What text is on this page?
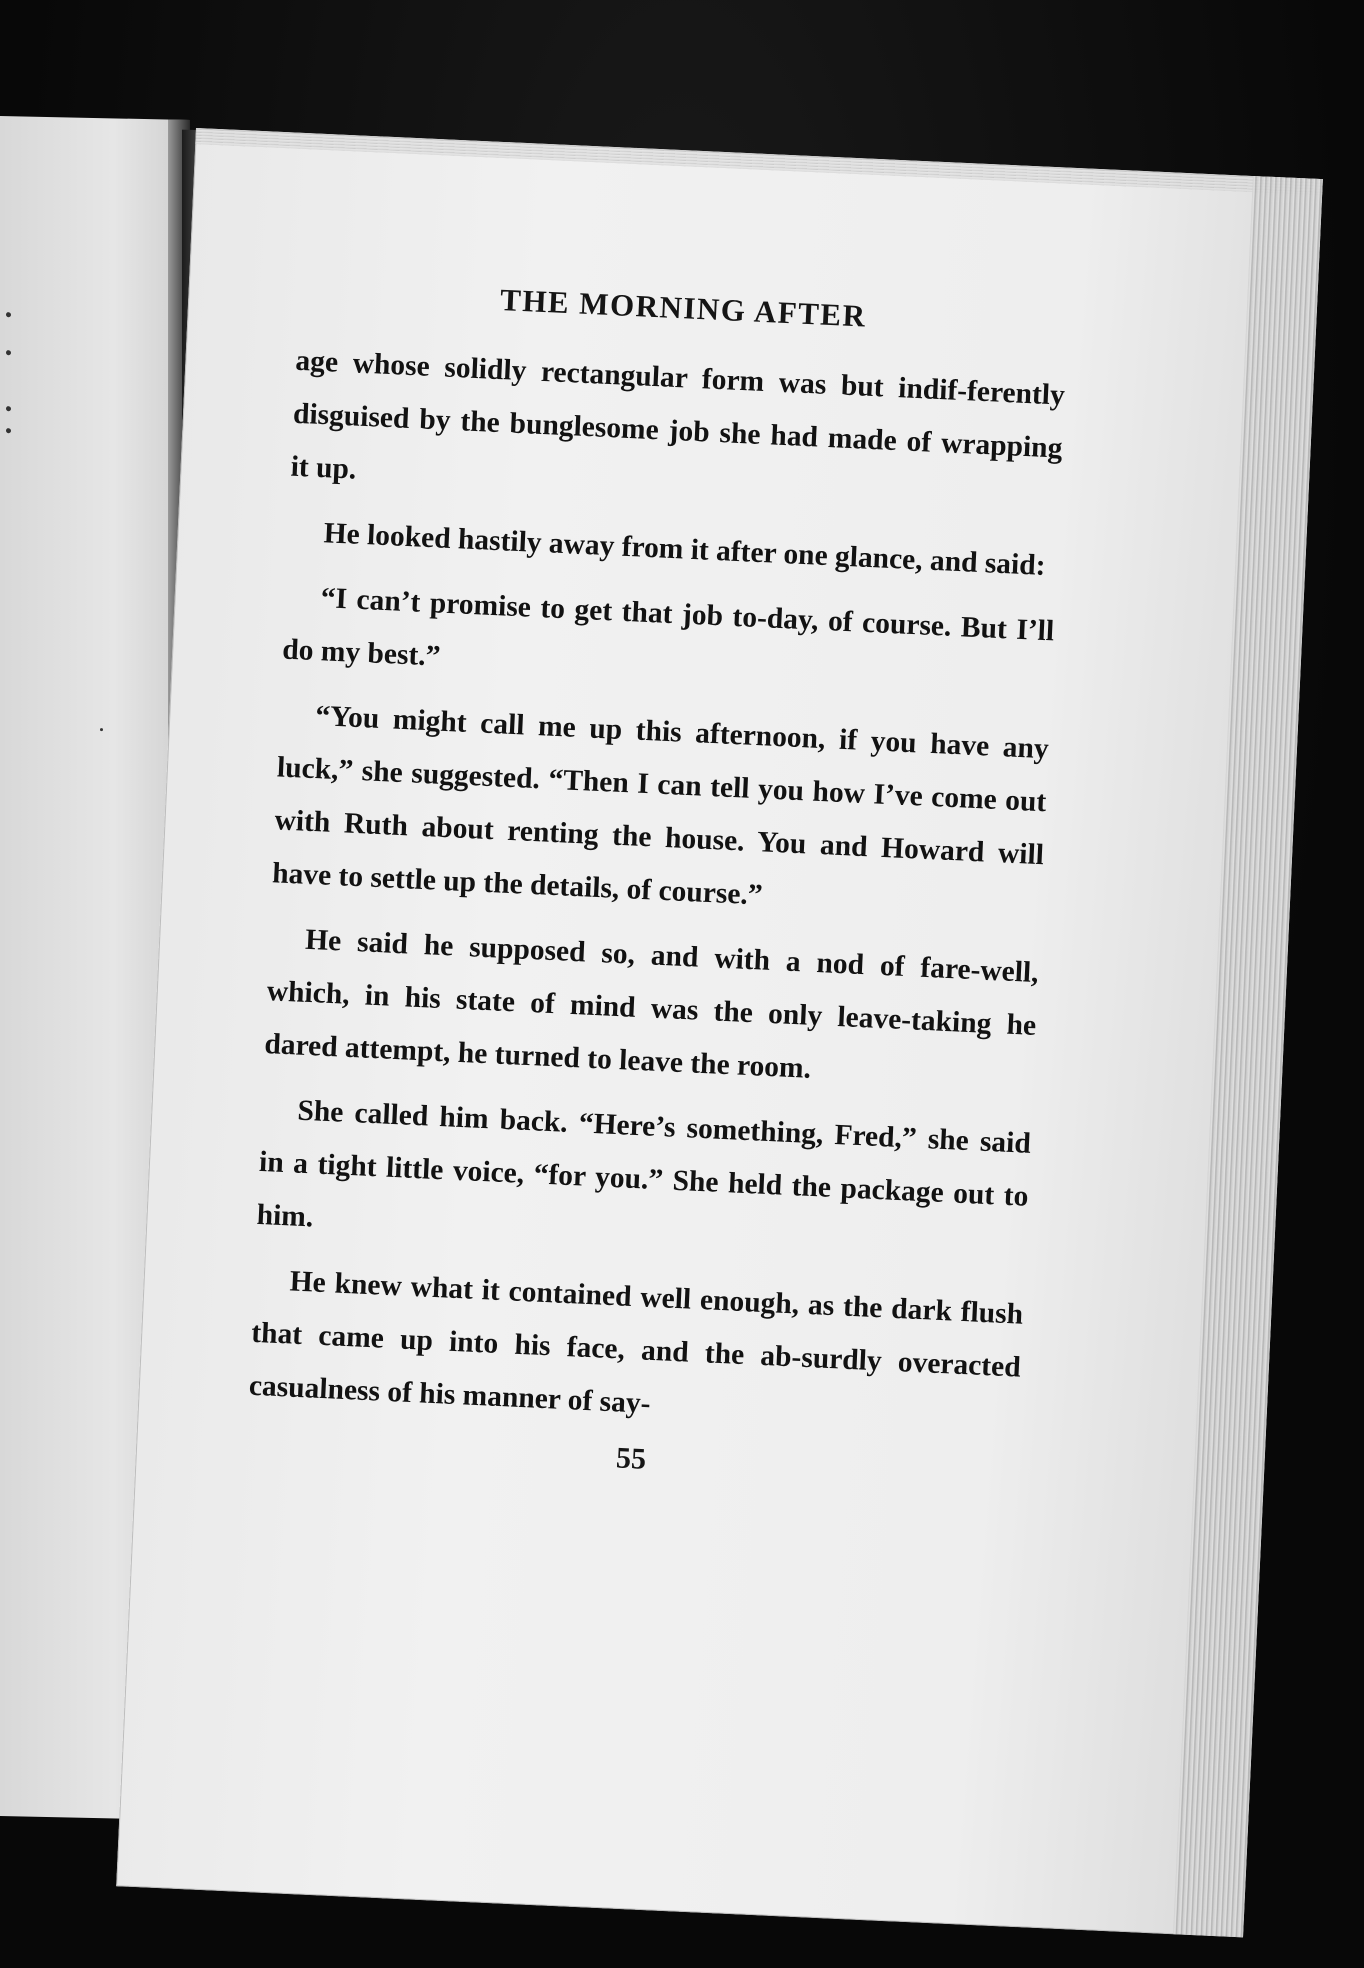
THE MORNING AFTER

age whose solidly rectangular form was but indif-ferently disguised by the bunglesome job she had made of wrapping it up.

He looked hastily away from it after one glance, and said:

“I can’t promise to get that job to-day, of course. But I’ll do my best.”

“You might call me up this afternoon, if you have any luck,” she suggested. “Then I can tell you how I’ve come out with Ruth about renting the house. You and Howard will have to settle up the details, of course.”

He said he supposed so, and with a nod of fare-well, which, in his state of mind was the only leave-taking he dared attempt, he turned to leave the room.

She called him back. “Here’s something, Fred,” she said in a tight little voice, “for you.” She held the package out to him.

He knew what it contained well enough, as the dark flush that came up into his face, and the ab-surdly overacted casualness of his manner of say-

55
